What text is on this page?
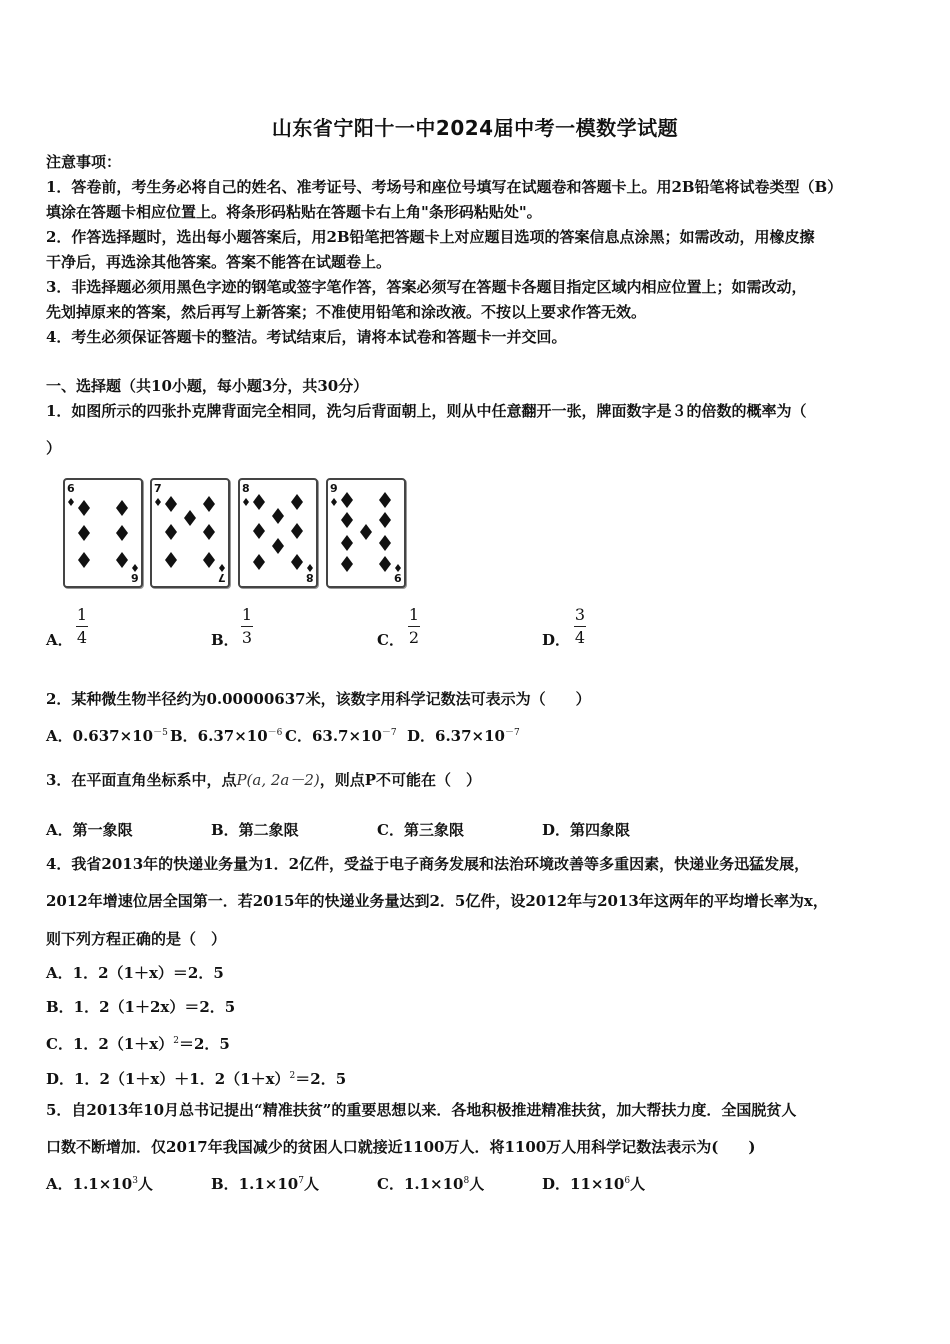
山东省宁阳十一中2024届中考一模数学试题
注意事项：
1．答卷前，考生务必将自己的姓名、准考证号、考场号和座位号填写在试题卷和答题卡上。用2B铅笔将试卷类型（B）
填涂在答题卡相应位置上。将条形码粘贴在答题卡右上角"条形码粘贴处"。
2．作答选择题时，选出每小题答案后，用2B铅笔把答题卡上对应题目选项的答案信息点涂黑；如需改动，用橡皮擦
干净后，再选涂其他答案。答案不能答在试题卷上。
3．非选择题必须用黑色字迹的钢笔或签字笔作答，答案必须写在答题卡各题目指定区域内相应位置上；如需改动，
先划掉原来的答案，然后再写上新答案；不准使用铅笔和涂改液。不按以上要求作答无效。
4．考生必须保证答题卡的整洁。考试结束后，请将本试卷和答题卡一并交回。
一、选择题（共10小题，每小题3分，共30分）
1．如图所示的四张扑克牌背面完全相同，洗匀后背面朝上，则从中任意翻开一张，牌面数字是３的倍数的概率为（
）
6
6
7
7
8
8
9
9
A．
1
4	B．
1
3	C．
1
2	D．
3
4
2．某种微生物半径约为0.00000637米，该数字用科学记数法可表示为（　　）
A．$0.637\times 10^{-5}$ B．$6.37\times 10^{-6}$ C．$63.7\times 10^{-7}$ D．$6.37\times 10^{-7}$
3．在平面直角坐标系中，点P(a, 2a－2)，则点P不可能在（　）
A．第一象限	B．第二象限	C．第三象限	D．第四象限
4．我省2013年的快递业务量为1．2亿件，受益于电子商务发展和法治环境改善等多重因素，快递业务迅猛发展，
2012年增速位居全国第一．若2015年的快递业务量达到2．5亿件，设2012年与2013年这两年的平均增长率为x，
则下列方程正确的是（　）
A．1．2（1＋x）＝2．5
B．1．2（1＋2x）＝2．5
C．1．$2(1+x)^2=2$．5
D．1．2（1＋x）＋1．$2(1+x)^2=2$．5
5．自2013年10月总书记提出“精准扶贫”的重要思想以来．各地积极推进精准扶贫，加大帮扶力度．全国脱贫人
口数不断增加．仅2017年我国减少的贫困人口就接近1100万人．将1100万人用科学记数法表示为(　　)
A．$1.1\times 10^3$人	B．$1.1\times 10^7$人	C．$1.1\times 10^8$人	D．$11\times 10^6$人
